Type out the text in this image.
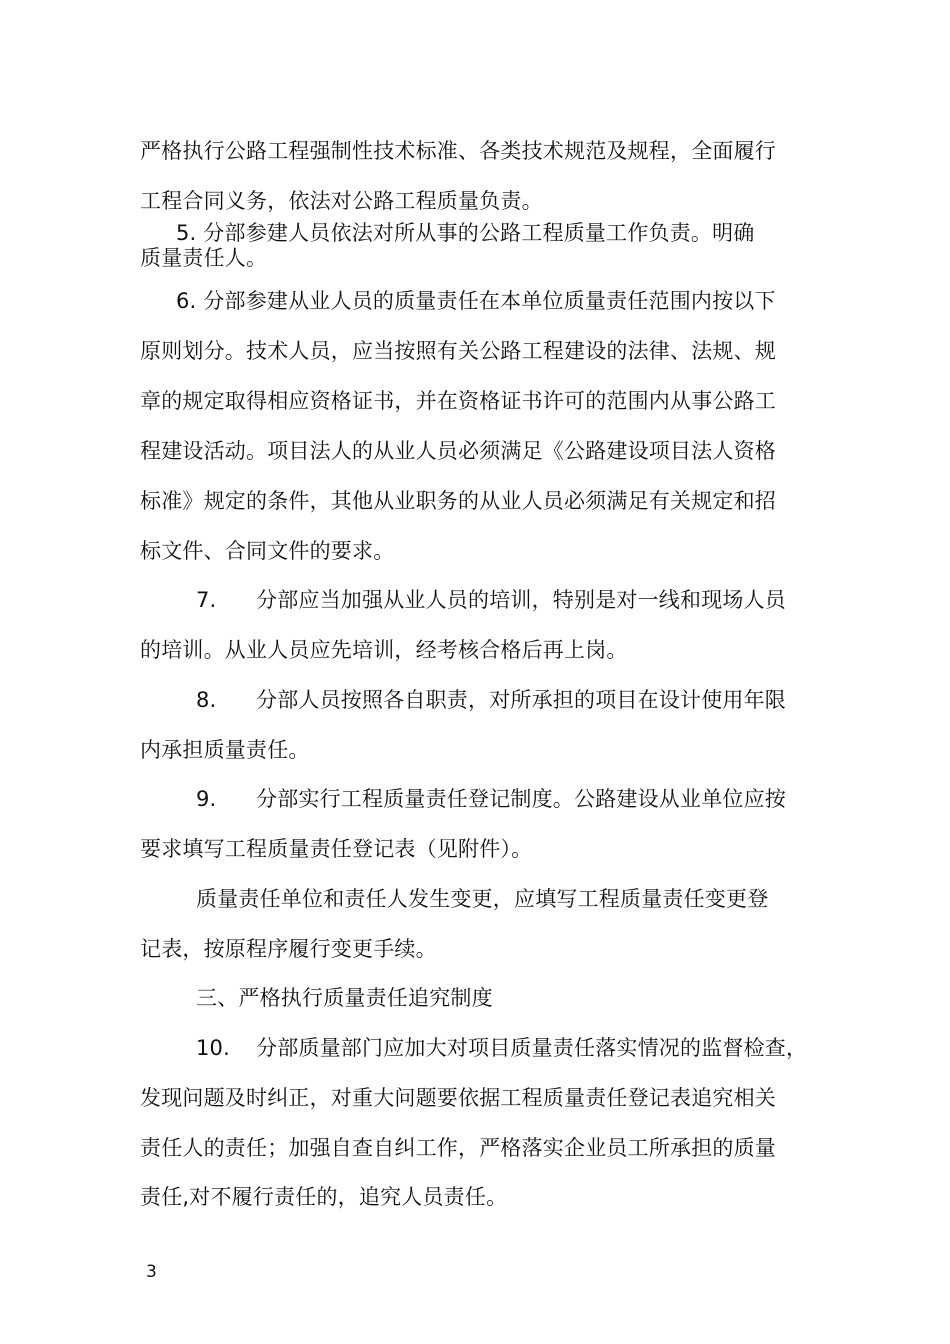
严格执行公路工程强制性技术标准、各类技术规范及规程，全面履行
工程合同义务，依法对公路工程质量负责。
5. 分部参建人员依法对所从事的公路工程质量工作负责。明确
质量责任人。
6. 分部参建从业人员的质量责任在本单位质量责任范围内按以下
原则划分。技术人员，应当按照有关公路工程建设的法律、法规、规
章的规定取得相应资格证书，并在资格证书许可的范围内从事公路工
程建设活动。项目法人的从业人员必须满足《公路建设项目法人资格
标准》规定的条件，其他从业职务的从业人员必须满足有关规定和招
标文件、合同文件的要求。
7. 分部应当加强从业人员的培训，特别是对一线和现场人员
的培训。从业人员应先培训，经考核合格后再上岗。
8. 分部人员按照各自职责，对所承担的项目在设计使用年限
内承担质量责任。
9. 分部实行工程质量责任登记制度。公路建设从业单位应按
要求填写工程质量责任登记表（见附件）。
质量责任单位和责任人发生变更，应填写工程质量责任变更登
记表，按原程序履行变更手续。
三、严格执行质量责任追究制度
10. 分部质量部门应加大对项目质量责任落实情况的监督检查，
发现问题及时纠正，对重大问题要依据工程质量责任登记表追究相关
责任人的责任；加强自查自纠工作，严格落实企业员工所承担的质量
责任,对不履行责任的，追究人员责任。
3
